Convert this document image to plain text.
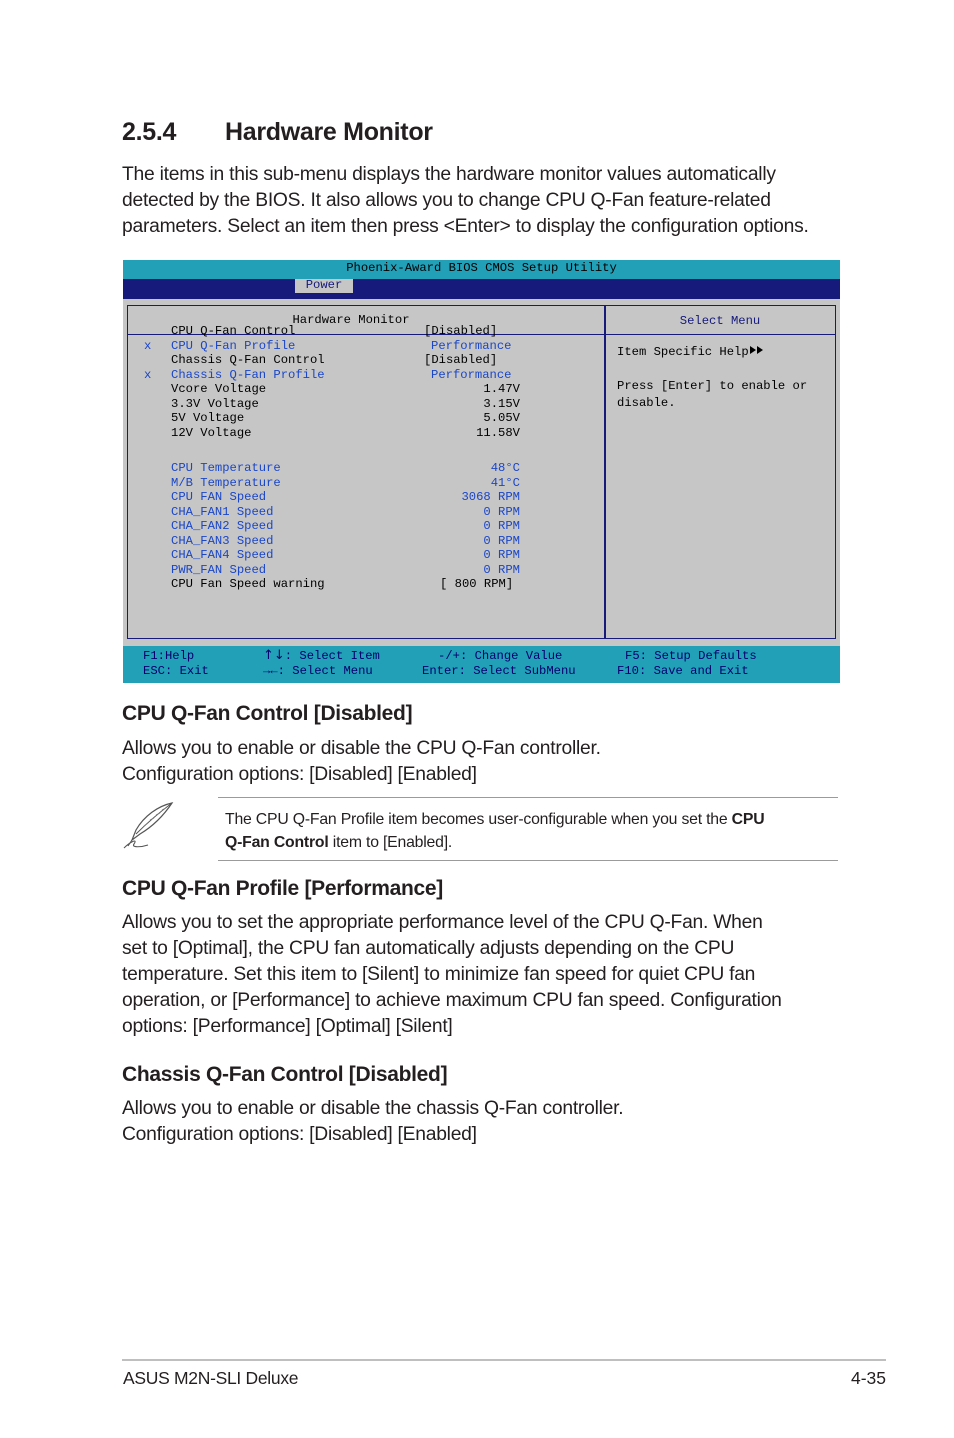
2.5.4 Hardware Monitor
The items in this sub-menu displays the hardware monitor values automatically
detected by the BIOS. It also allows you to change CPU Q-Fan feature-related
parameters. Select an item then press <Enter> to display the configuration options.
Phoenix-Award BIOS CMOS Setup Utility
Power
Hardware Monitor
CPU Q-Fan Control	[Disabled]
x CPU Q-Fan Profile	Performance
Chassis Q-Fan Control	[Disabled]
x Chassis Q-Fan Profile	Performance
Vcore Voltage	1.47V
3.3V Voltage	3.15V
5V Voltage	5.05V
12V Voltage	11.58V
CPU Temperature	48°C
M/B Temperature	41°C
CPU FAN Speed	3068 RPM
CHA_FAN1 Speed	0 RPM
CHA_FAN2 Speed	0 RPM
CHA_FAN3 Speed	0 RPM
CHA_FAN4 Speed	0 RPM
PWR_FAN Speed	0 RPM
CPU Fan Speed warning	[ 800 RPM]
Select Menu
Item Specific Help
Press [Enter] to enable or
disable.
F1:Help
ESC: Exit
↑↓: Select Item
→←: Select Menu
-/+: Change Value
Enter: Select SubMenu
F5: Setup Defaults
F10: Save and Exit
CPU Q-Fan Control [Disabled]
Allows you to enable or disable the CPU Q-Fan controller.
Configuration options: [Disabled] [Enabled]
The CPU Q-Fan Profile item becomes user-configurable when you set the CPU
Q-Fan Control item to [Enabled].
CPU Q-Fan Profile [Performance]
Allows you to set the appropriate performance level of the CPU Q-Fan. When
set to [Optimal], the CPU fan automatically adjusts depending on the CPU
temperature. Set this item to [Silent] to minimize fan speed for quiet CPU fan
operation, or [Performance] to achieve maximum CPU fan speed. Configuration
options: [Performance] [Optimal] [Silent]
Chassis Q-Fan Control [Disabled]
Allows you to enable or disable the chassis Q-Fan controller.
Configuration options: [Disabled] [Enabled]
ASUS M2N-SLI Deluxe	4-35
